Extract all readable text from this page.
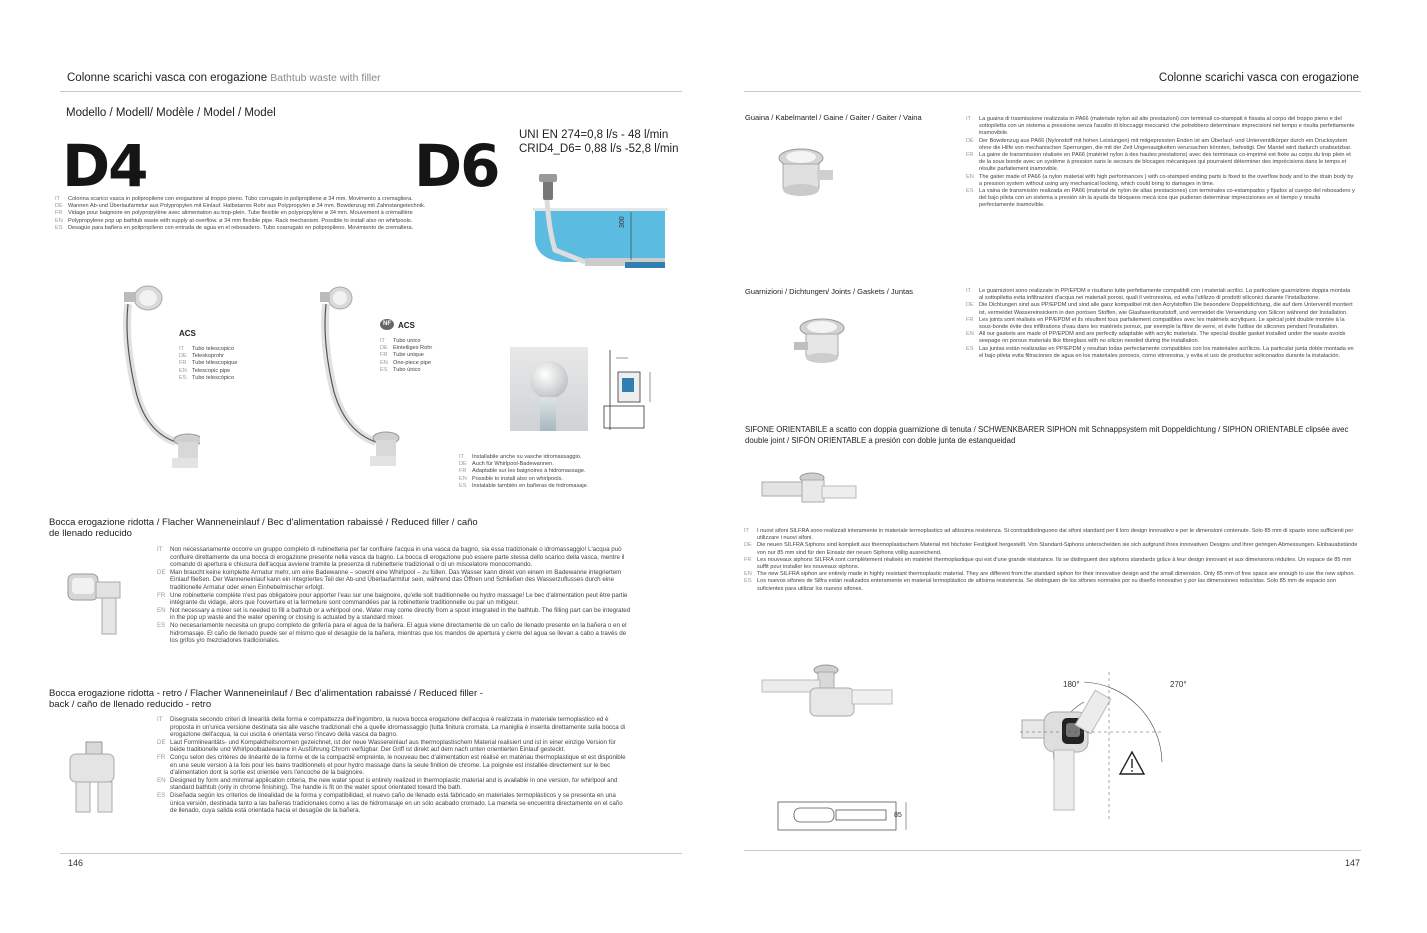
Colonne scarichi vasca con erogazione Bathtub waste with filler
Modello / Modell/ Modèle / Model / Model
D4	D6 UNI EN 274=0,8 l/s - 48 l/min
CRID4_D6= 0,88 l/s -52,8 l/min
300
IT	Colonna scarico vasca in polipropilene con erogazione al troppo pieno. Tubo corrugato in polipropilene ø 34 mm. Movimento a cremagliera.
DE Wannen Ab-und Überlaufarmitur aus Polypropylen mit Einlauf. Halbstarres Rohr aus Polypropylen ø 34 mm. Bowdenzug mit Zahnstangetechnik.
FR Vidage pour baignoire en polypropylène avec alimentation au trop-plein. Tube flexible en polypropylène ø 34 mm. Mouvement à crémaillère
EN Polypropylene pop up bathtub waste with supply at overflow. ø 34 mm flexible pipe. Rack mechanism. Possible to install also on whirlpools.
ES Desagüe para bañera en polipropileno con entrada de agua en el rebosadero. Tubo coarrugato en polipropileno. Movimiento de cremallera.
ACS
IT	Tubo telescopico
DE Teleskoprohr
FR Tube télescopique
EN Telescopic pipe
ES Tubo telescópico
NF ACS
IT	Tubo unico
DE Einteiliges Rohr
FR Tube unique
EN One-piece pipe
ES Tubo único
IT	Installabile anche su vasche idromassaggio.
DE Auch für Whirlpool-Badewannen.
FR Adaptable sur les baignoires à hidromassage.
EN Possible to install also on whirlpools.
ES Instalable también en bañeras de hidromasaje.
Bocca erogazione ridotta / Flacher Wanneneinlauf / Bec d'alimentation rabaissé / Reduced filler / caño de llenado reducido
IT	Non necessariamente occorre un gruppo completo di rubinetteria per far confluire l'acqua in una vasca da bagno, sia essa tradizionale o idromassaggio! L'acqua può confluire direttamente da una bocca di erogazione presente nella vasca da bagno. La bocca di erogazione può essere parte stessa dello scarico della vasca, mentre il comando di apertura e chiusura dell'acqua avviene tramite la presenza di rubinetterie tradizionali o di un miscelatore monocomando.
DE Man braucht keine komplette Armatur mehr, um eine Badewanne – sowohl eine Whirlpool – zu füllen. Das Wasser kann direkt von einem im Badewanne integriertem Einlauf fließen. Der Wanneneinlauf kann ein integriertes Teil der Ab-und Überlaufarmitur sein, während das Öffnen und Schließen des Wasserzuflusses durch eine traditionelle Armatur oder einen Einhebelmischer erfolgt.
FR Une robinetterie complète n'est pas obligatoire pour apporter l'eau sur une baignoire, qu'elle soit traditionnelle ou hydro massage! Le bec d'alimentation peut être partie intégrante du vidage, alors que l'ouverture et la fermeture sont commandées par la robinetterie traditionnelle ou par un mitigeur.
EN Not necessary a mixer set is needed to fill a bathtub or a whirlpool one. Water may come directly from a spout integrated in the bathtub. The filling part can be integrated in the pop up waste and the water opening or closing is actuated by a standard mixer.
ES No necesariamente necesita un grupo completo de grifería para el agua de la bañera. El agua viene directamente de un caño de llenado presente en la bañera o en el hidromasaje. El caño de llenado puede ser el mismo que el desagüe de la bañera, mientras que los mandos de apertura y cierre del agua se llevan a cabo a través de los grifos y/o mezcladores tradicionales.
Bocca erogazione ridotta - retro / Flacher Wanneneinlauf / Bec d'alimentation rabaissé / Reduced filler - back / caño de llenado reducido - retro
IT	Disegnata secondo criteri di linearità della forma e compattezza dell'ingombro, la nuova bocca erogazione dell'acqua è realizzata in materiale termoplastico ed è proposta in un'unica versione destinata sia alle vasche tradizionali che a quelle idromassaggio (tutta finitura cromata. La maniglia è inserita direttamente sulla bocca di erogazione dell'acqua, la cui uscita è orientata verso l'incavo della vasca da bagno.
DE Laut Formlinearitäts- und Kompaktheitsnormen gezeichnet, ist der neue Wassereinlauf aus thermoplastischem Material realisiert und ist in einer einzige Version für beide traditionelle und Whirlpoolbadewanne in Ausführung Chrom verfügbar. Der Griff ist direkt auf dem nach unten orientierten Einlauf gesteckt.
FR Conçu selon des critères de linéarité de la forme et de la compacité empreinte, le nouveau bec d'alimentation est réalisé en matériau thermoplastique et est disponible en une seule version à la fois pour les bains traditionnels et pour hydro massage dans la seule finition de chrome. La poignée est installée directement sur le bec d'alimentation dont la sortie est orientée vers l'encoche de la baignoire.
EN Designed by form and minimal application criteria, the new water spout is entirely realized in thermoplastic material and is available in one version, for whirlpool and standard bathtub (only in chrome finishing). The handle is fit on the water spout orientated toward the bath.
ES Diseñada según los criterios de linealidad de la forma y compatibilidad, el nuevo caño de llenado está fabricado en materiales termoplásticos y se presenta en una única versión, destinada tanto a las bañeras tradicionales como a las de hidromasaje en un sólo acabado cromado. La maneta se encuentra directamente en el caño de llenado, cuya salida está orientada hacia el desagüe de la bañera.
146
Colonne scarichi vasca con erogazione
Guaina / Kabelmantel / Gaine / Gaiter / Gaiter / Vaina	IT	La guaina di trasmissione realizzata in PA66 (materiale nylon ad alte prestazioni) con terminali co-stampati è fissata al corpo del troppo pieno e del sottopiletta con un sistema a pressione senza l'ausilio di bloccaggi meccanici che potrebbero determinare imprecisioni nel tempo e risulta perfettamente inamovibile.
DE Der Bowdenzug aus PA66 (Nylonstoff mit hohen Leistungen) mit mitgepressten Enden ist am Überlauf- und Unterventilkörper durch ein Drucksystem ohne die Hilfe von mechanischen Sperrungen, die mit der Zeit Ungenauigkeiten verursachen könnten, befestigt. Der Mantel wird dadurch unabsetzbar.
FR La gaine de transmission réalisée en PA66 (matériel nylon à des hautes prestations) avec des terminaux co-imprimé est fixée au corps du trop plein et de la sous bonde avec un système à pression sans le secours de blocages mécaniques qui pourraient déterminer des imprécisions dans le temps et résulte parfaitement inamovible.
EN The gaiter made of PA66 (a nylon material with high performances ) with co-stamped ending parts is fixed to the overflow body and to the drain body by a pression system without using any mechanical locking, which could bring to damages in time.
ES La vaina de transmisión realizada en PA66 (material de nylon de altas prestaciones) con terminales co-estampados y fijados al cuerpo del rebosadero y del bajo pileta con un sistema a presión sin la ayuda de bloqueos mecá icos que pudieran determinar imprecisiones en el tiempo y resulta perfectamente inamovible.
Guarnizioni / Dichtungen/ Joints / Gaskets / Juntas	IT	Le guarnizioni sono realizzate in PP/EPDM e risultano tutte perfettamente compatibili con i materiali acrilici. La particolare guarnizione doppia montata al sottopiletta evita infiltrazioni d'acqua nei materiali porosi, quali il vetroresina, ed evita l'utilizzo di prodotti siliconici durante l'installazione.
DE Die Dichtungen sind aus PP/EPDM und sind alle ganz kompatibel mit den Acrylstoffen Die besondere Doppeldichtung, die auf dem Unterventil montiert ist, vermeidet Wassereinsickern in den porösen Stoffen, wie Glasfaserkunststoff, und vermeidet die Verwendung von Silicon während der Installation.
FR Les joints sont réalisés en PP/EPDM et ils résultent tous parfaitement compatibles avec les matériels acryliques. Le spécial joint double montée à la sous-bonde évite des infiltrations d'eau dans les matériels poreux, par exemple la fibre de verre, et évite l'utilise de silicones pendant l'installation.
EN All our gaskets are made of PP/EPDM and are perfectly adaptable with acrylic materials. The special double gasket installed under the waste avoids seepage on porous materials like fibreglass with no silicon needed during the installation.
ES Las juntas están realizadas en PP/EPDM y resultan todas perfectamente compatibles con los materiales acrílicos. La particular junta doble montada en el bajo pileta evita filtraciones de agua en los materiales porosos, como vitroresina, y evita el uso de productos soliconados durante la instalación.
SIFONE ORIENTABILE a scatto con doppia guarnizione di tenuta / SCHWENKBARER SIPHON mit Schnappsystem mit Doppeldichtung / SIPHON ORIENTABLE clipsée avec double joint / SIFÓN ORIENTABLE a presión con doble junta de estanqueidad
IT	I nuovi sifoni SILFRA sono realizzati interamente in materiale termoplastico ad altissima resistenza. Si contraddistinguono dai sifoni standard per il loro design innovativo e per le dimensioni contenute. Solo 85 mm di spazio sono sufficienti per utilizzare i nuovi sifoni.
DE Die neuen SILFRA Siphons sind komplett aus thermoplastischem Material mit höchster Festigkeit hergestellt. Von Standard-Siphons unterscheiden sie sich aufgrund ihres innovativen Designs und ihrer geringen Abmessungen. Einbauabstände von nur 85 mm sind für den Einsatz der neuen Siphons völlig ausreichend.
FR Les nouveaux siphons SILFRA sont complètement réalisés en matériel thermoplastique qui est d'une grande résistance. Ils se distinguent des siphons standards grâce à leur design innovant et aux dimensions réduites. Un espace de 85 mm suffit pour installer les nouveaux siphons.
EN The new SILFRA siphon are entirely made in highly resistant thermoplastic material. They are different from the standard siphon for their innovative design and the small dimension. Only 85 mm of free space are enough to use the new siphon.
ES Los nuevos sifones de Silfra están realizados enteramente en material termoplástico de altísima resistencia. Se distinguen de los sifones normales por su diseño innovativo y por las dimensiones reducidas. Solo 85 mm de espacio son suficientes para utilizar los nuevos sifones.
180°	270°
85
147
